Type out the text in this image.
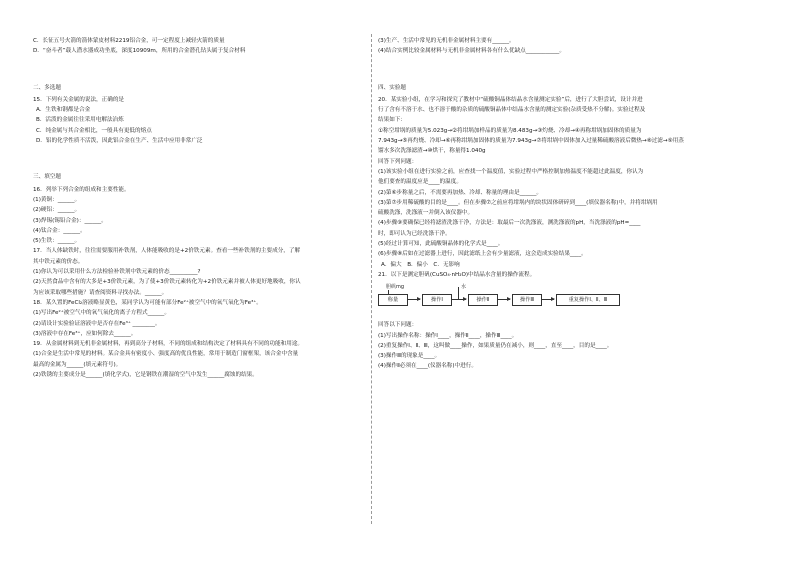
C．长征五号火箭的箭体蒙皮材料2219铝合金，可一定程度上减轻火箭的质量
D．“奋斗者”载人潜水器成功坐底，深度10909m，所用的合金潜孔钻头属于复合材料
二、多选题
15．下列有关金属的说法，正确的是
A．生铁和钢都是合金
B．活泼的金属往往采用电解法冶炼
C．纯金属与其合金相比，一般具有更低的熔点
D．铝的化学性质不活泼，因此铝合金在生产、生活中应用非常广泛
三、填空题
16．列举下列合金的组成和主要性能。
(1)黄铜：______。
(2)硬铝：______。
(3)焊锡(锡铅合金)：______。
(4)钛合金：______。
(5)生铁：______。
17．当人体缺铁时，往往需要服用补铁剂，人体能吸收的是+2价铁元素。查看一些补铁剂的主要成分，了解
其中铁元素的价态。
(1)你认为可以采用什么方法检验补铁剂中铁元素的价态__________?
(2)天然食品中含有的大多是+3价铁元素，为了使+3价铁元素转化为+2价铁元素并被人体更好地吸收，你认
为应该采取哪些措施？请查阅资料寻找办法。______。
18．某久置的FeCl₂溶液略显黄色，某同学认为可能有部分Fe²⁺被空气中的氧气氧化为Fe³⁺。
(1)写出Fe²⁺被空气中的氧气氧化的离子方程式______。
(2)请设计实验验证溶液中是否存在Fe³⁺ ________。
(3)溶液中存在Fe³⁺，应如何除去______。
19．从金属材料到无机非金属材料，再到高分子材料，不同的组成和结构决定了材料具有不同的功能和用途。
(1)合金是生活中常见的材料。某合金具有密度小、强度高的优良性能，常用于制造门窗框架，该合金中含量
最高的金属为______(填元素符号)。
(2)铁锈的主要成分是______(填化学式)，它是钢铁在潮湿的空气中发生______腐蚀的结果。
(3)生产、生活中常见的无机非金属材料主要有______。
(4)结合实例比较金属材料与无机非金属材料各有什么优缺点____________。
四、实验题
20．某实验小组，在学习和探究了教材中“硫酸铜晶体结晶水含量测定实验”后，进行了大胆尝试，设计并进
行了含有不溶于水、也不溶于酸的杂质的硫酸铜晶体中结晶水含量的测定实验(杂质受热不分解)。实验过程及
结果如下：
①称空坩埚的质量为5.023g→②将坩埚加样品的质量为8.483g→③灼烧、冷却→④再称坩埚加固体的质量为
7.943g→⑤再灼烧、冷却→⑥再称坩埚加固体的质量为7.943g→⑦将坩埚中固体加入过量稀硫酸溶液后微热→⑧过滤→⑨用蒸
馏水多次洗涤滤渣→⑩烘干，称量得1.040g
回答下列问题：
(1)该实验小组在进行实验之前，应查找一个温度值，实验过程中严格控制加热温度不能超过此温度，你认为
他们要查的温度应是____的温度。
(2)第⑥步称量之后，不需要再加热、冷却、称量的理由是______。
(3)第⑦步用稀硫酸的目的是____。但在步骤⑦之前应将坩埚内的块状固体研碎到____(填仪器名称)中，并将坩埚用
硫酸洗涤，洗涤液一并倒入该仪器中。
(4)步骤⑨要确保已经将滤渣洗涤干净，方法是：取最后一次洗涤液，测洗涤液的pH，当洗涤液的pH=____
时，即可认为已经洗涤干净。
(5)经过计算可知，此硫酸铜晶体的化学式是____。
(6)步骤⑧后如在过滤器上进行，因此滤纸上会有少量滤液，这会造成实验结果____。
A．偏大　B．偏小　C．无影响
21．以下是测定胆矾(CuSO₄·nH₂O)中结晶水含量的操作流程。
胆矾mg
称量	操作Ⅰ
水
操作Ⅱ	操作Ⅲ	重复操作Ⅰ、Ⅱ、Ⅲ
回答以下问题：
(1)写出操作名称：操作Ⅰ____，操作Ⅱ____，操作Ⅲ____。
(2)重复操作Ⅰ、Ⅱ、Ⅲ，这叫做____操作，如果质量仍在减小，则____，直至____，目的是____。
(3)操作Ⅲ的现象是____。
(4)操作Ⅱ必须在____(仪器名称)中进行。
